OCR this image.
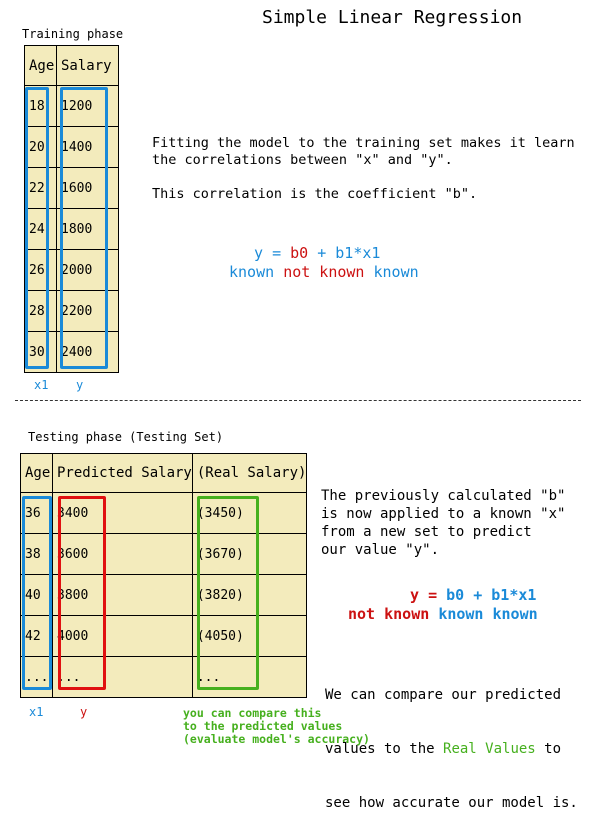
Simple Linear Regression
Training phase
Age	Salary
18	1200
20	1400
22	1600
24	1800
26	2000
28	2200
30	2400
x1 y
Fitting the model to the training set makes it learn
the correlations between "x" and "y".
This correlation is the coefficient "b".
y = b0 + b1*x1
known not known known
Testing phase (Testing Set)
Age	Predicted Salary	(Real Salary)
36	3400	(3450)
38	3600	(3670)
40	3800	(3820)
42	4000	(4050)
...	...	...
x1	y	you can compare this
to the predicted values
(evaluate model's accuracy)
The previously calculated "b"
is now applied to a known "x"
from a new set to predict
our value "y".
y = b0 + b1*x1
not known known known

We can compare our predicted

values to the Real Values to

see how accurate our model is.
